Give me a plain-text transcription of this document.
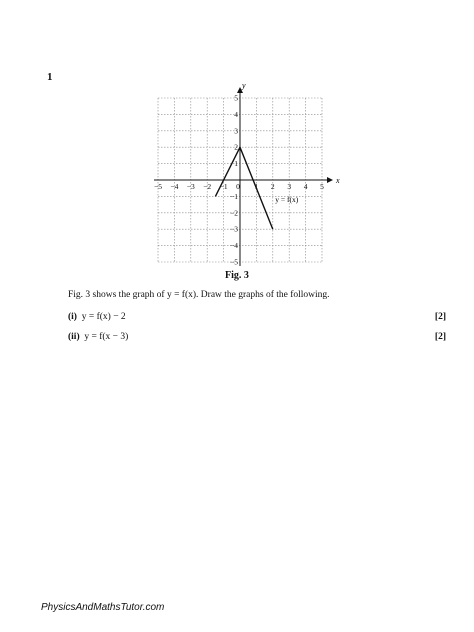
1
−5 −4 −3 −2 −1 0 1 2 3 4 5
−5
−4
−3
−2
−1
1
2
3
4
5
x
y
y = f(x)
Fig. 3
Fig. 3 shows the graph of y = f(x). Draw the graphs of the following.
(i) y = f(x) − 2	[2]
(ii) y = f(x − 3)	[2]
PhysicsAndMathsTutor.com
